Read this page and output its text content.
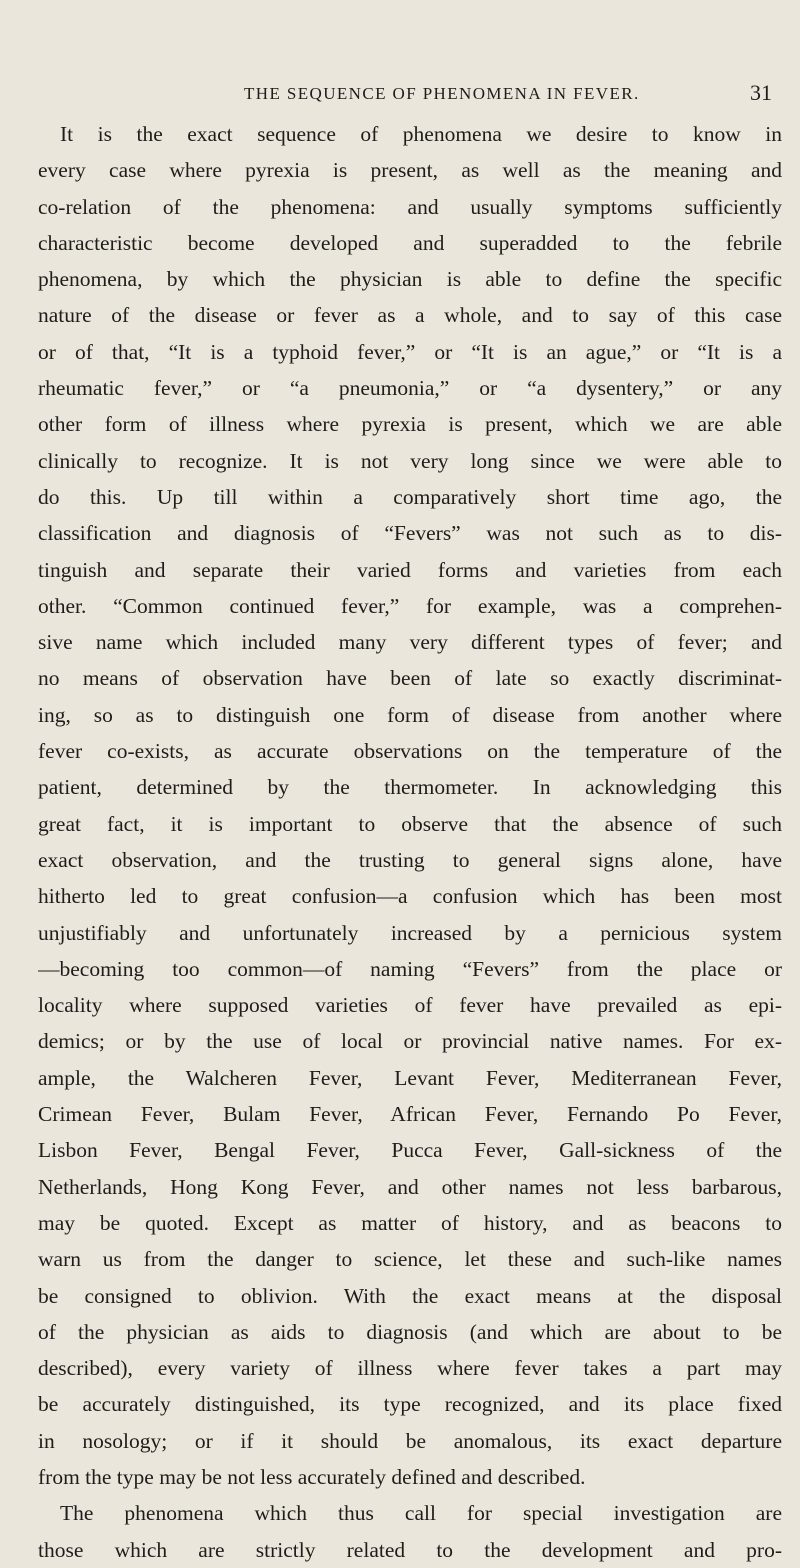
THE SEQUENCE OF PHENOMENA IN FEVER.	31
It is the exact sequence of phenomena we desire to know in
every case where pyrexia is present, as well as the meaning and
co-relation of the phenomena: and usually symptoms sufficiently
characteristic become developed and superadded to the febrile
phenomena, by which the physician is able to define the specific
nature of the disease or fever as a whole, and to say of this case
or of that, “It is a typhoid fever,” or “It is an ague,” or “It is a
rheumatic fever,” or “a pneumonia,” or “a dysentery,” or any
other form of illness where pyrexia is present, which we are able
clinically to recognize. It is not very long since we were able to
do this. Up till within a comparatively short time ago, the
classification and diagnosis of “Fevers” was not such as to dis-
tinguish and separate their varied forms and varieties from each
other. “Common continued fever,” for example, was a comprehen-
sive name which included many very different types of fever; and
no means of observation have been of late so exactly discriminat-
ing, so as to distinguish one form of disease from another where
fever co-exists, as accurate observations on the temperature of the
patient, determined by the thermometer. In acknowledging this
great fact, it is important to observe that the absence of such
exact observation, and the trusting to general signs alone, have
hitherto led to great confusion—a confusion which has been most
unjustifiably and unfortunately increased by a pernicious system
—becoming too common—of naming “Fevers” from the place or
locality where supposed varieties of fever have prevailed as epi-
demics; or by the use of local or provincial native names. For ex-
ample, the Walcheren Fever, Levant Fever, Mediterranean Fever,
Crimean Fever, Bulam Fever, African Fever, Fernando Po Fever,
Lisbon Fever, Bengal Fever, Pucca Fever, Gall-sickness of the
Netherlands, Hong Kong Fever, and other names not less barbarous,
may be quoted. Except as matter of history, and as beacons to
warn us from the danger to science, let these and such-like names
be consigned to oblivion. With the exact means at the disposal
of the physician as aids to diagnosis (and which are about to be
described), every variety of illness where fever takes a part may
be accurately distinguished, its type recognized, and its place fixed
in nosology; or if it should be anomalous, its exact departure
from the type may be not less accurately defined and described.
The phenomena which thus call for special investigation are
those which are strictly related to the development and pro-
